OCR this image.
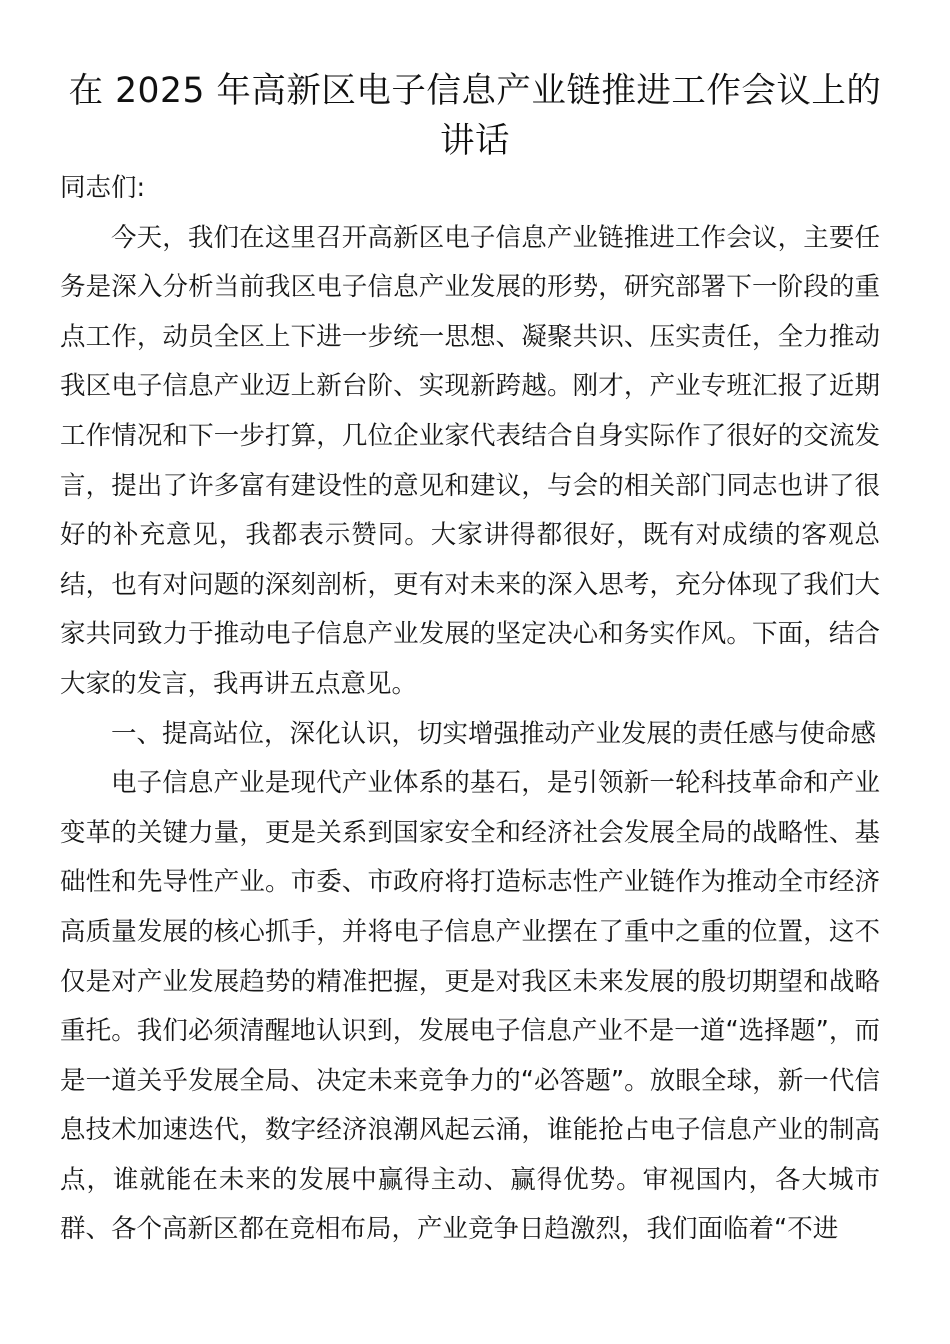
在 2025 年高新区电子信息产业链推进工作会议上的讲话

同志们:

今天，我们在这里召开高新区电子信息产业链推进工作会议，主要任务是深入分析当前我区电子信息产业发展的形势，研究部署下一阶段的重点工作，动员全区上下进一步统一思想、凝聚共识、压实责任，全力推动我区电子信息产业迈上新台阶、实现新跨越。刚才，产业专班汇报了近期工作情况和下一步打算，几位企业家代表结合自身实际作了很好的交流发言，提出了许多富有建设性的意见和建议，与会的相关部门同志也讲了很好的补充意见，我都表示赞同。大家讲得都很好，既有对成绩的客观总结，也有对问题的深刻剖析，更有对未来的深入思考，充分体现了我们大家共同致力于推动电子信息产业发展的坚定决心和务实作风。下面，结合大家的发言，我再讲五点意见。

一、提高站位，深化认识，切实增强推动产业发展的责任感与使命感

电子信息产业是现代产业体系的基石，是引领新一轮科技革命和产业变革的关键力量，更是关系到国家安全和经济社会发展全局的战略性、基础性和先导性产业。市委、市政府将打造标志性产业链作为推动全市经济高质量发展的核心抓手，并将电子信息产业摆在了重中之重的位置，这不仅是对产业发展趋势的精准把握，更是对我区未来发展的殷切期望和战略重托。我们必须清醒地认识到，发展电子信息产业不是一道“选择题”，而是一道关乎发展全局、决定未来竞争力的“必答题”。放眼全球，新一代信息技术加速迭代，数字经济浪潮风起云涌，谁能抢占电子信息产业的制高点，谁就能在未来的发展中赢得主动、赢得优势。审视国内，各大城市群、各个高新区都在竞相布局，产业竞争日趋激烈，我们面临着“不进
